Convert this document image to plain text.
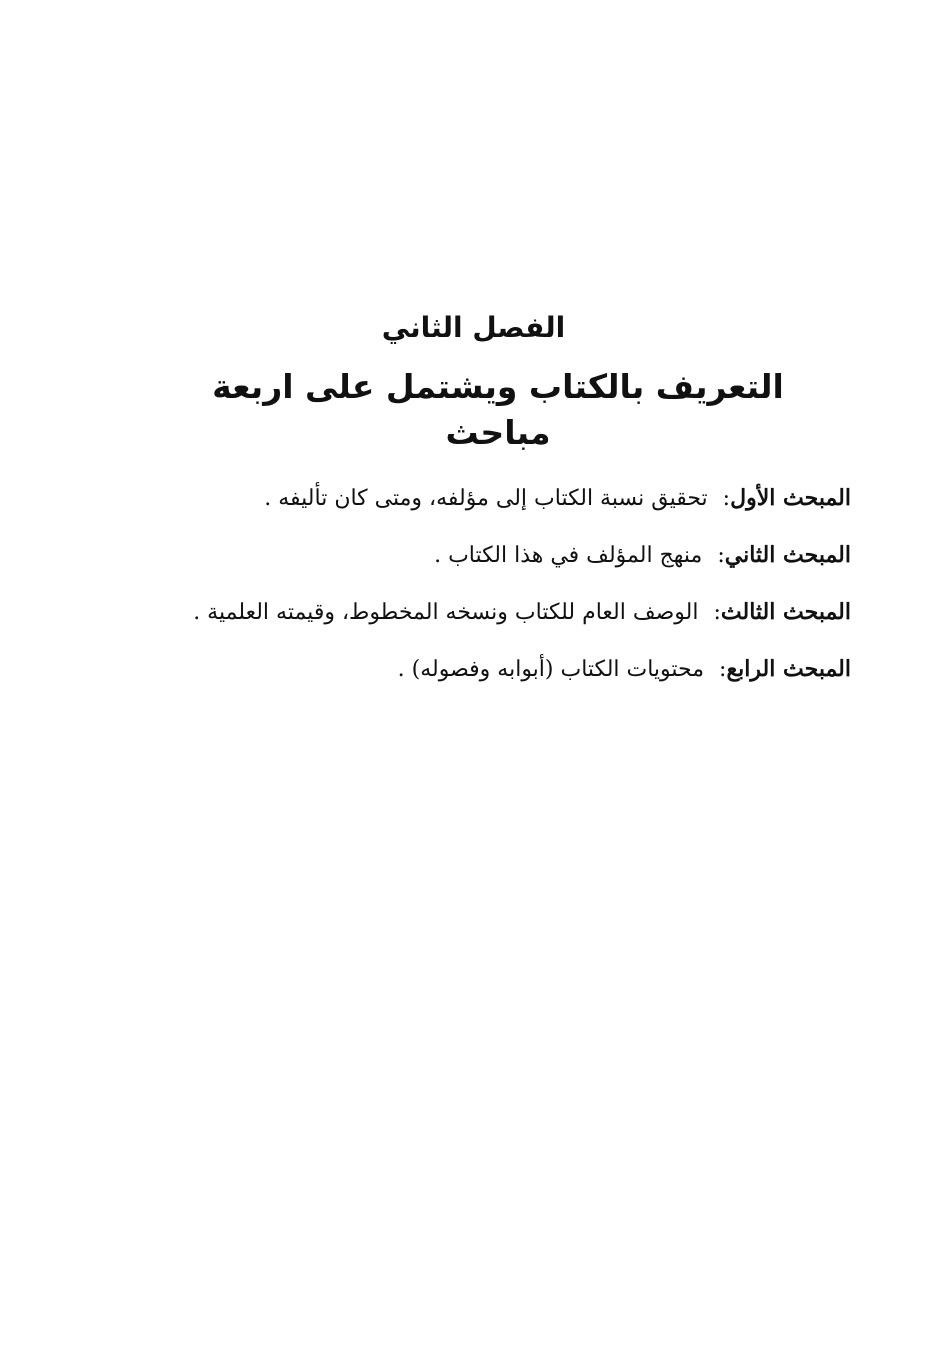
الفصل الثاني
التعريف بالكتاب ويشتمل على اربعة مباحث
المبحث الأول: تحقيق نسبة الكتاب إلى مؤلفه، ومتى كان تأليفه .
المبحث الثاني: منهج المؤلف في هذا الكتاب .
المبحث الثالث: الوصف العام للكتاب ونسخه المخطوط، وقيمته العلمية .
المبحث الرابع: محتويات الكتاب (أبوابه وفصوله) .
